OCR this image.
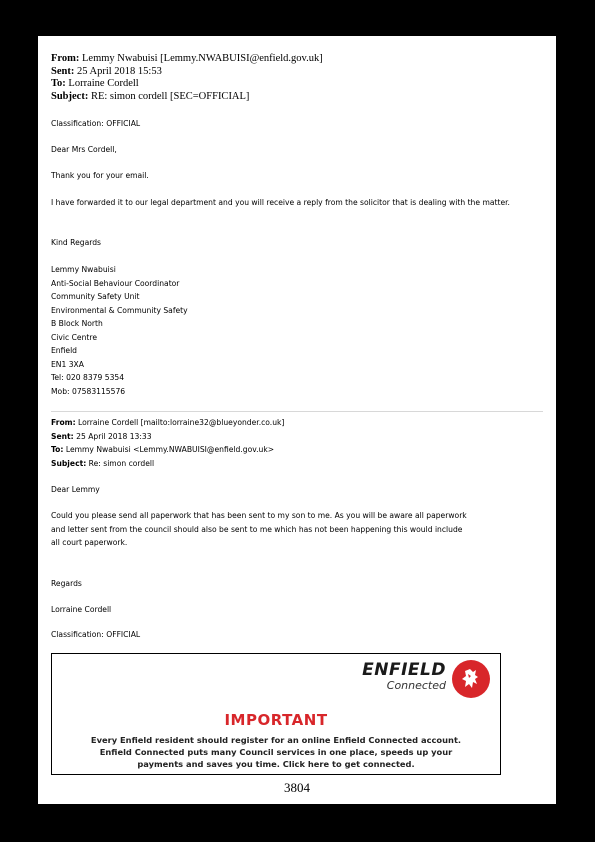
From: Lemmy Nwabuisi [Lemmy.NWABUISI@enfield.gov.uk]
Sent: 25 April 2018 15:53
To: Lorraine Cordell
Subject: RE: simon cordell [SEC=OFFICIAL]
Classification: OFFICIAL
Dear Mrs Cordell,
Thank you for your email.
I have forwarded it to our legal department and you will receive a reply from the solicitor that is dealing with the matter.
Kind Regards
Lemmy Nwabuisi
Anti-Social Behaviour Coordinator
Community Safety Unit
Environmental & Community Safety
B Block North
Civic Centre
Enfield
EN1 3XA
Tel: 020 8379 5354
Mob: 07583115576
From: Lorraine Cordell [mailto:lorraine32@blueyonder.co.uk]
Sent: 25 April 2018 13:33
To: Lemmy Nwabuisi <Lemmy.NWABUISI@enfield.gov.uk>
Subject: Re: simon cordell
Dear Lemmy
Could you please send all paperwork that has been sent to my son to me. As you will be aware all paperwork
and letter sent from the council should also be sent to me which has not been happening this would include
all court paperwork.
Regards
Lorraine Cordell
Classification: OFFICIAL
ENFIELD
Connected
IMPORTANT
Every Enfield resident should register for an online Enfield Connected account.
Enfield Connected puts many Council services in one place, speeds up your
payments and saves you time. Click here to get connected.
3804
